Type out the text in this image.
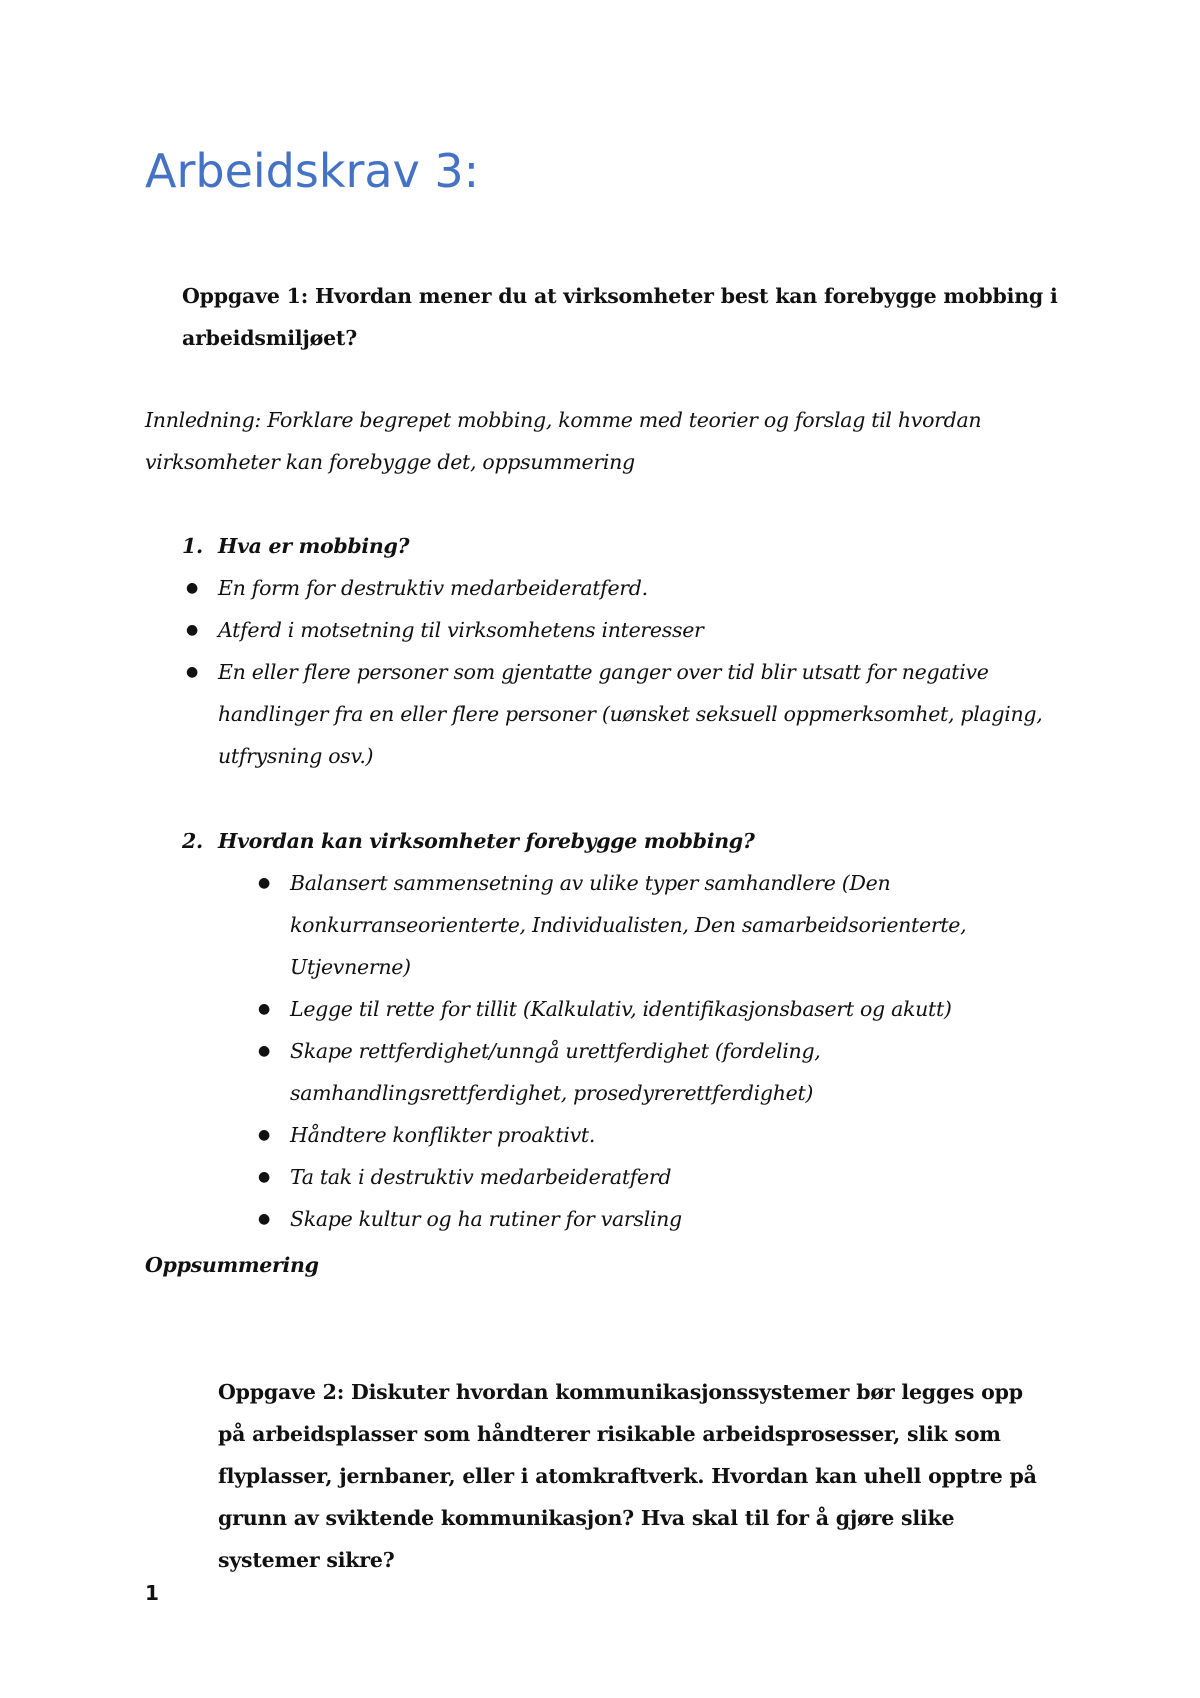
Arbeidskrav 3:

Oppgave 1: Hvordan mener du at virksomheter best kan forebygge mobbing i arbeidsmiljøet?

Innledning: Forklare begrepet mobbing, komme med teorier og forslag til hvordan virksomheter kan forebygge det, oppsummering

1. Hva er mobbing?

● En form for destruktiv medarbeideratferd.
● Atferd i motsetning til virksomhetens interesser
● En eller flere personer som gjentatte ganger over tid blir utsatt for negative handlinger fra en eller flere personer (uønsket seksuell oppmerksomhet, plaging, utfrysning osv.)

2. Hvordan kan virksomheter forebygge mobbing?

● Balansert sammensetning av ulike typer samhandlere (Den konkurranseorienterte, Individualisten, Den samarbeidsorienterte, Utjevnerne)
● Legge til rette for tillit (Kalkulativ, identifikasjonsbasert og akutt)
● Skape rettferdighet/unngå urettferdighet (fordeling, samhandlingsrettferdighet, prosedyrerettferdighet)
● Håndtere konflikter proaktivt.
● Ta tak i destruktiv medarbeideratferd
● Skape kultur og ha rutiner for varsling

Oppsummering

Oppgave 2: Diskuter hvordan kommunikasjonssystemer bør legges opp på arbeidsplasser som håndterer risikable arbeidsprosesser, slik som flyplasser, jernbaner, eller i atomkraftverk. Hvordan kan uhell opptre på grunn av sviktende kommunikasjon? Hva skal til for å gjøre slike systemer sikre?

1
